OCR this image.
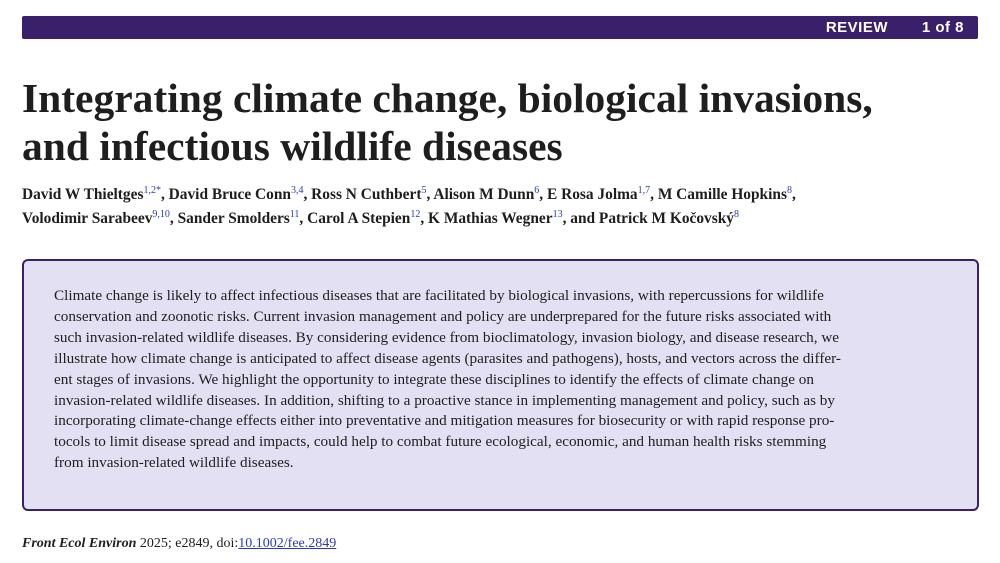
REVIEW 1 of 8
Integrating climate change, biological invasions,
and infectious wildlife diseases
David W Thieltges$^{1,2*}$, David Bruce Conn$^{3,4}$, Ross N Cuthbert$^5$, Alison M Dunn$^6$, E Rosa Jolma$^{1,7}$, M Camille Hopkins$^8$,
Volodimir Sarabeev$^{9,10}$, Sander Smolders$^{11}$, Carol A Stepien$^{12}$, K Mathias Wegner$^{13}$, and Patrick M Kočovský$^8$

Climate change is likely to affect infectious diseases that are facilitated by biological invasions, with repercussions for wildlife
conservation and zoonotic risks. Current invasion management and policy are underprepared for the future risks associated with
such invasion-related wildlife diseases. By considering evidence from bioclimatology, invasion biology, and disease research, we
illustrate how climate change is anticipated to affect disease agents (parasites and pathogens), hosts, and vectors across the differ-
ent stages of invasions. We highlight the opportunity to integrate these disciplines to identify the effects of climate change on
invasion-related wildlife diseases. In addition, shifting to a proactive stance in implementing management and policy, such as by
incorporating climate-change effects either into preventative and mitigation measures for biosecurity or with rapid response pro-
tocols to limit disease spread and impacts, could help to combat future ecological, economic, and human health risks stemming
from invasion-related wildlife diseases.

Front Ecol Environ 2025; e2849, doi:10.1002/fee.2849
